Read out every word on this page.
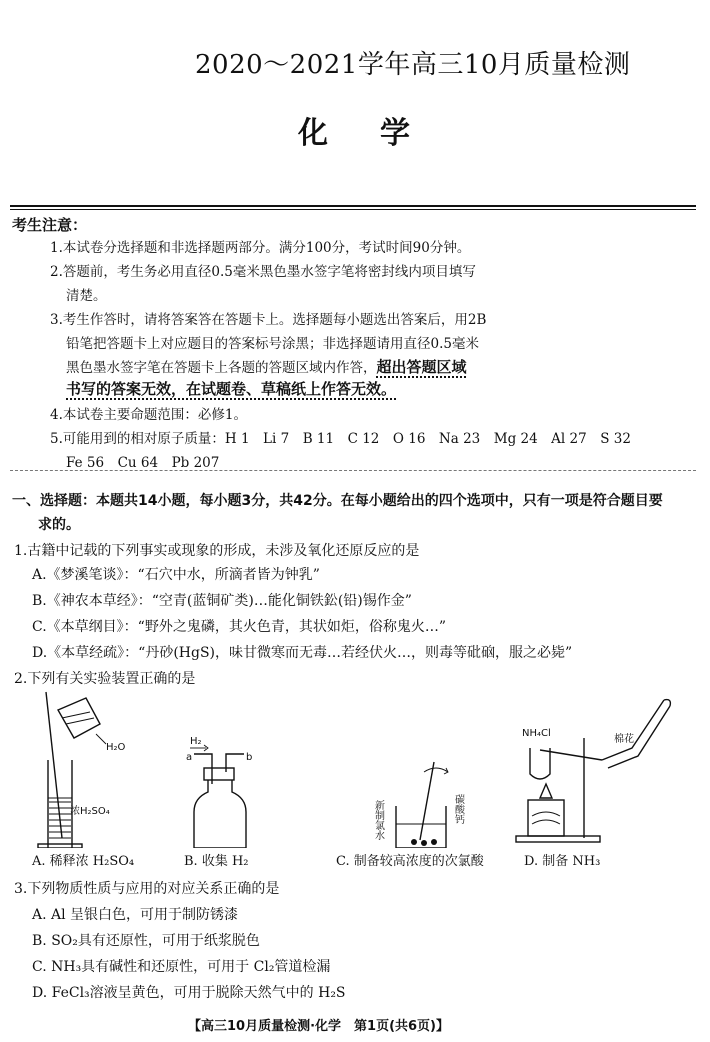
2020～2021学年高三10月质量检测
化学
考生注意：
1.本试卷分选择题和非选择题两部分。满分100分，考试时间90分钟。
2.答题前，考生务必用直径0.5毫米黑色墨水签字笔将密封线内项目填写
清楚。
3.考生作答时，请将答案答在答题卡上。选择题每小题选出答案后，用2B
铅笔把答题卡上对应题目的答案标号涂黑；非选择题请用直径0.5毫米
黑色墨水签字笔在答题卡上各题的答题区域内作答，超出答题区域
书写的答案无效，在试题卷、草稿纸上作答无效。
4.本试卷主要命题范围：必修1。
5.可能用到的相对原子质量：H 1　Li 7　B 11　C 12　O 16　Na 23　Mg 24　Al 27　S 32
Fe 56　Cu 64　Pb 207
一、选择题：本题共14小题，每小题3分，共42分。在每小题给出的四个选项中，只有一项是符合题目要
求的。
1.古籍中记载的下列事实或现象的形成，未涉及氧化还原反应的是
A.《梦溪笔谈》：“石穴中水，所滴者皆为钟乳”
B.《神农本草经》：“空青(蓝铜矿类)…能化铜铁鈆(铅)锡作金”
C.《本草纲目》：“野外之鬼磷，其火色青，其状如炬，俗称鬼火…”
D.《本草经疏》：“丹砂(HgS)，味甘微寒而无毒…若经伏火…，则毒等砒硇，服之必毙”
2.下列有关实验装置正确的是
H₂O
浓H₂SO₄
H₂
a	b
新制氯水	碳酸钙
NH₄Cl
棉花
A. 稀释浓 H₂SO₄	B. 收集 H₂	C. 制备较高浓度的次氯酸	D. 制备 NH₃
3.下列物质性质与应用的对应关系正确的是
A. Al 呈银白色，可用于制防锈漆
B. SO₂具有还原性，可用于纸浆脱色
C. NH₃具有碱性和还原性，可用于 Cl₂管道检漏
D. FeCl₃溶液呈黄色，可用于脱除天然气中的 H₂S
【高三10月质量检测·化学　第1页(共6页)】
